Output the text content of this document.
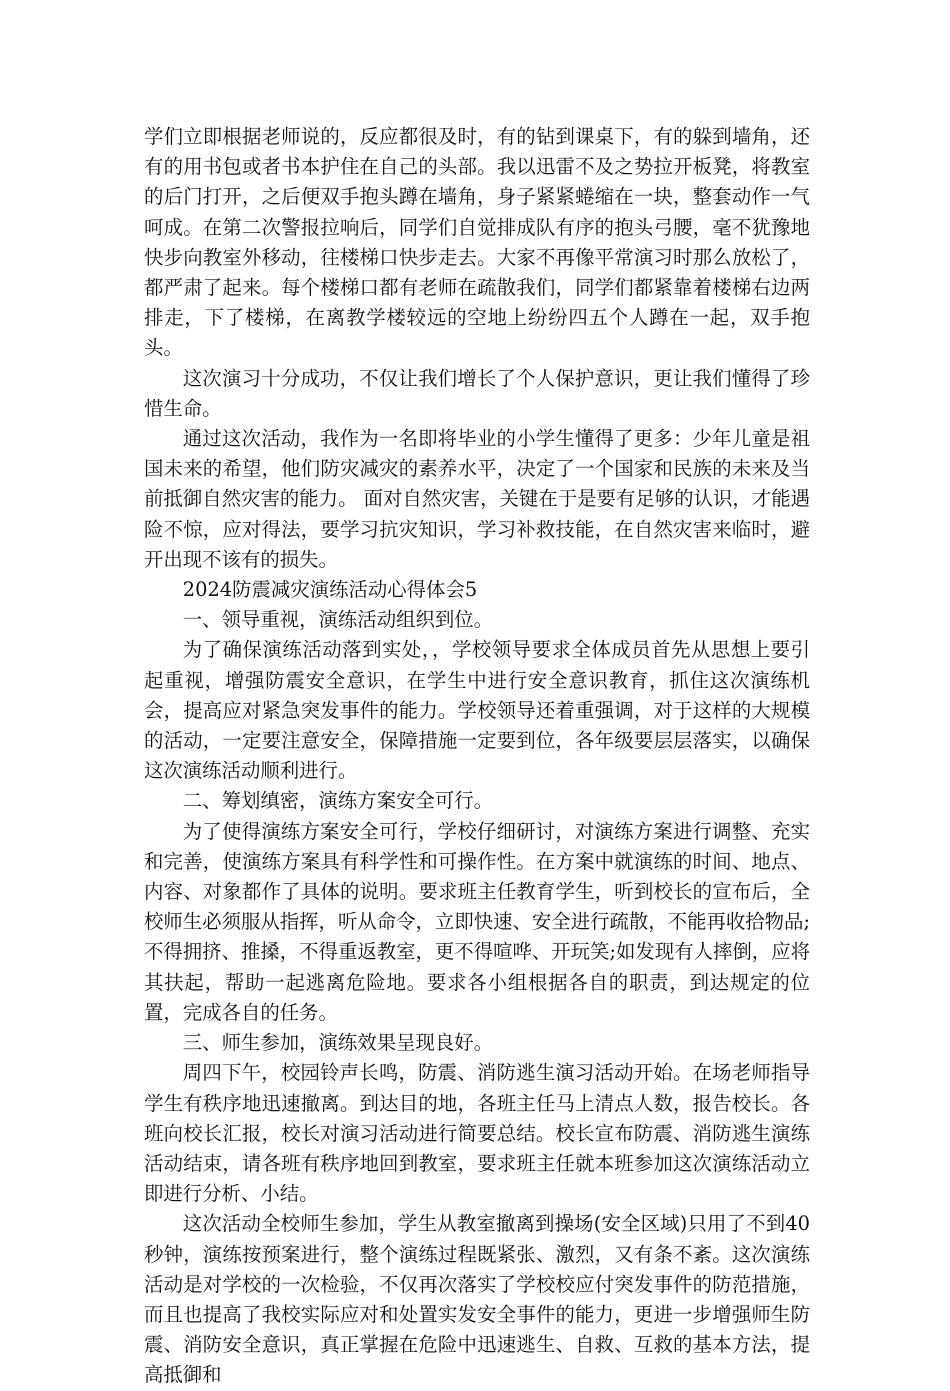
学们立即根据老师说的，反应都很及时，有的钻到课桌下，有的躲到墙角，还有的用书包或者书本护住在自己的头部。我以迅雷不及之势拉开板凳，将教室的后门打开，之后便双手抱头蹲在墙角，身子紧紧蜷缩在一块，整套动作一气呵成。在第二次警报拉响后，同学们自觉排成队有序的抱头弓腰，毫不犹豫地快步向教室外移动，往楼梯口快步走去。大家不再像平常演习时那么放松了，都严肃了起来。每个楼梯口都有老师在疏散我们，同学们都紧靠着楼梯右边两排走，下了楼梯，在离教学楼较远的空地上纷纷四五个人蹲在一起，双手抱头。

这次演习十分成功，不仅让我们增长了个人保护意识，更让我们懂得了珍惜生命。

通过这次活动，我作为一名即将毕业的小学生懂得了更多：少年儿童是祖国未来的希望，他们防灾减灾的素养水平，决定了一个国家和民族的未来及当前抵御自然灾害的能力。 面对自然灾害，关键在于是要有足够的认识，才能遇险不惊，应对得法，要学习抗灾知识，学习补救技能，在自然灾害来临时，避开出现不该有的损失。

2024防震减灾演练活动心得体会5

一、领导重视，演练活动组织到位。

为了确保演练活动落到实处，，学校领导要求全体成员首先从思想上要引起重视，增强防震安全意识，在学生中进行安全意识教育，抓住这次演练机会，提高应对紧急突发事件的能力。学校领导还着重强调，对于这样的大规模的活动，一定要注意安全，保障措施一定要到位，各年级要层层落实，以确保这次演练活动顺利进行。

二、筹划缜密，演练方案安全可行。

为了使得演练方案安全可行，学校仔细研讨，对演练方案进行调整、充实和完善，使演练方案具有科学性和可操作性。在方案中就演练的时间、地点、内容、对象都作了具体的说明。要求班主任教育学生，听到校长的宣布后，全校师生必须服从指挥，听从命令，立即快速、安全进行疏散，不能再收拾物品;不得拥挤、推搡，不得重返教室，更不得喧哗、开玩笑;如发现有人摔倒，应将其扶起，帮助一起逃离危险地。要求各小组根据各自的职责，到达规定的位置，完成各自的任务。

三、师生参加，演练效果呈现良好。

周四下午，校园铃声长鸣，防震、消防逃生演习活动开始。在场老师指导学生有秩序地迅速撤离。到达目的地，各班主任马上清点人数，报告校长。各班向校长汇报，校长对演习活动进行简要总结。校长宣布防震、消防逃生演练活动结束，请各班有秩序地回到教室，要求班主任就本班参加这次演练活动立即进行分析、小结。

这次活动全校师生参加，学生从教室撤离到操场(安全区域)只用了不到40秒钟，演练按预案进行，整个演练过程既紧张、激烈，又有条不紊。这次演练活动是对学校的一次检验，不仅再次落实了学校校应付突发事件的防范措施，而且也提高了我校实际应对和处置实发安全事件的能力，更进一步增强师生防震、消防安全意识，真正掌握在危险中迅速逃生、自救、互救的基本方法，提高抵御和
